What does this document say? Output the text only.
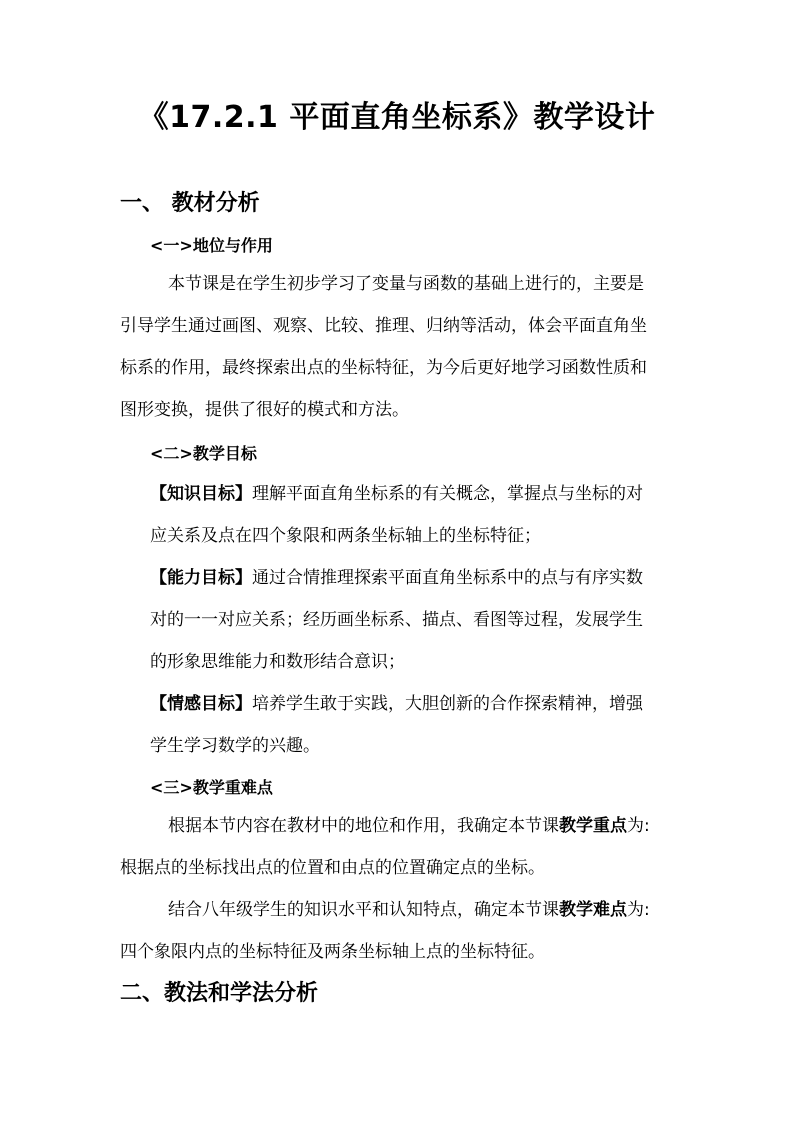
《17.2.1 平面直角坐标系》教学设计
一、 教材分析
<一>地位与作用
本节课是在学生初步学习了变量与函数的基础上进行的，主要是
引导学生通过画图、观察、比较、推理、归纳等活动，体会平面直角坐
标系的作用，最终探索出点的坐标特征，为今后更好地学习函数性质和
图形变换，提供了很好的模式和方法。
<二>教学目标
【知识目标】理解平面直角坐标系的有关概念，掌握点与坐标的对
应关系及点在四个象限和两条坐标轴上的坐标特征；
【能力目标】通过合情推理探索平面直角坐标系中的点与有序实数
对的一一对应关系；经历画坐标系、描点、看图等过程，发展学生
的形象思维能力和数形结合意识；
【情感目标】培养学生敢于实践，大胆创新的合作探索精神，增强
学生学习数学的兴趣。
<三>教学重难点
根据本节内容在教材中的地位和作用，我确定本节课教学重点为:
根据点的坐标找出点的位置和由点的位置确定点的坐标。
结合八年级学生的知识水平和认知特点，确定本节课教学难点为:
四个象限内点的坐标特征及两条坐标轴上点的坐标特征。
二、教法和学法分析
